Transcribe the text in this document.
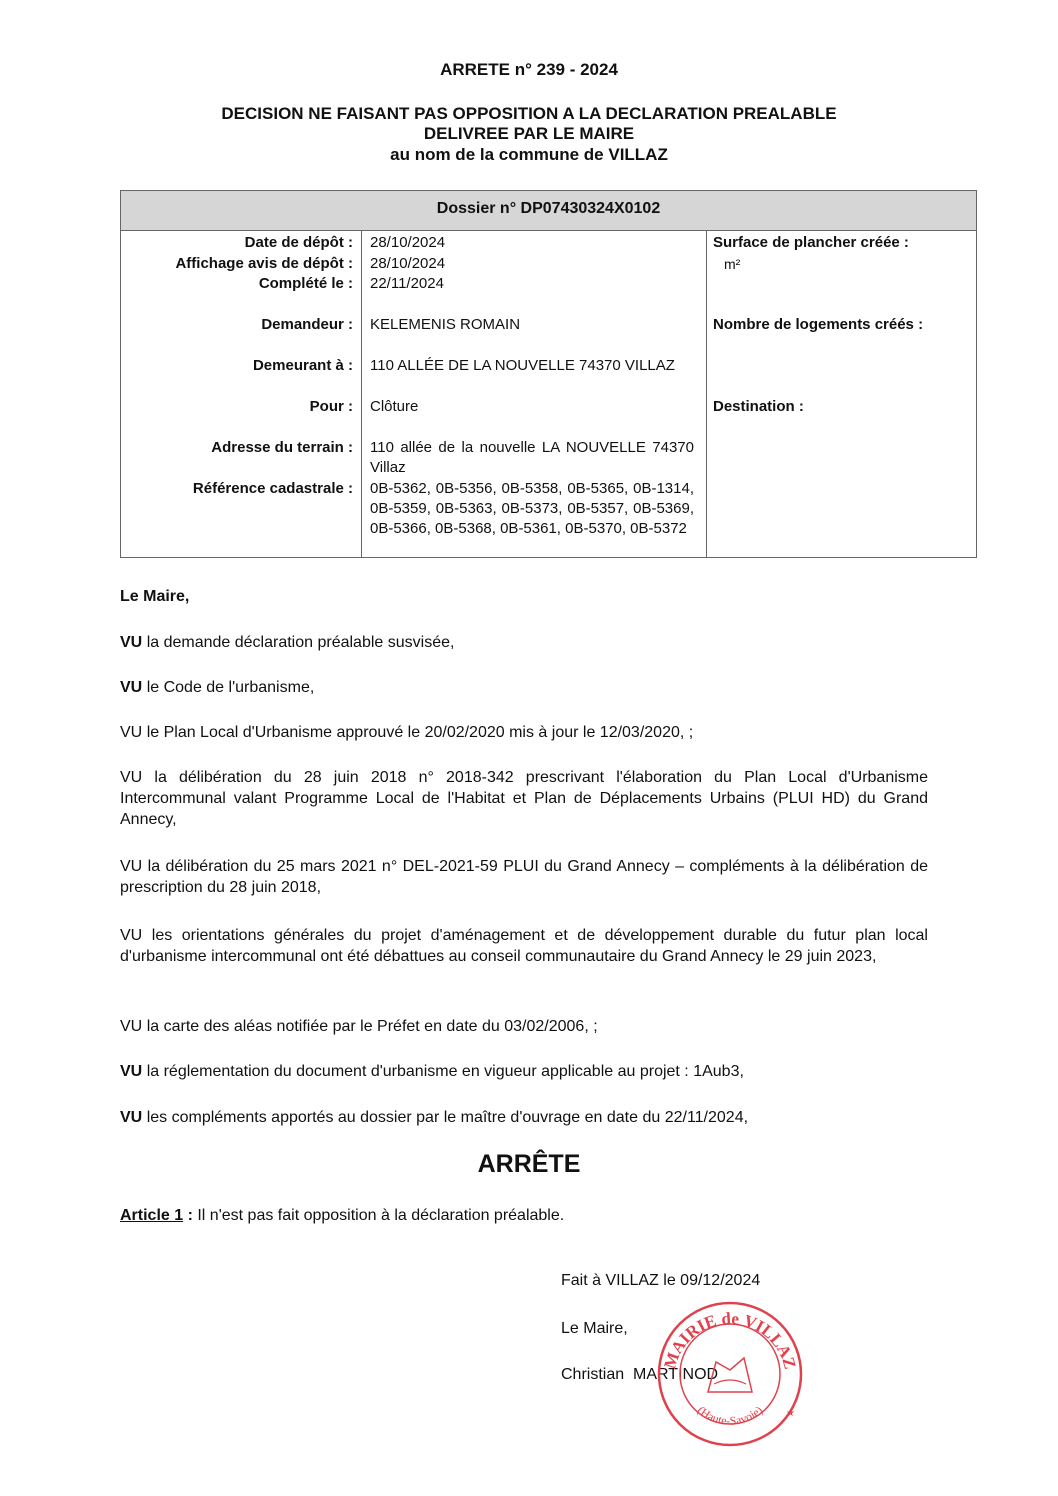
ARRETE n° 239 - 2024
DECISION NE FAISANT PAS OPPOSITION A LA DECLARATION PREALABLE
DELIVREE PAR LE MAIRE
au nom de la commune de VILLAZ
Dossier n° DP07430324X0102
Date de dépôt :
Affichage avis de dépôt :
Complété le :
Demandeur :
Demeurant à :
Pour :
Adresse du terrain :
Référence cadastrale :
28/10/2024
28/10/2024
22/11/2024
KELEMENIS ROMAIN
110 ALLÉE DE LA NOUVELLE 74370 VILLAZ
Clôture
110 allée de la nouvelle LA NOUVELLE 74370 Villaz
0B-5362, 0B-5356, 0B-5358, 0B-5365, 0B-1314, 0B-5359, 0B-5363, 0B-5373, 0B-5357, 0B-5369, 0B-5366, 0B-5368, 0B-5361, 0B-5370, 0B-5372
Surface de plancher créée :
m²
Nombre de logements créés :
Destination :
Le Maire,
VU la demande déclaration préalable susvisée,
VU le Code de l'urbanisme,
VU le Plan Local d'Urbanisme approuvé le 20/02/2020 mis à jour le 12/03/2020, ;
VU la délibération du 28 juin 2018 n° 2018-342 prescrivant l'élaboration du Plan Local d'Urbanisme Intercommunal valant Programme Local de l'Habitat et Plan de Déplacements Urbains (PLUI HD) du Grand Annecy,
VU la délibération du 25 mars 2021 n° DEL-2021-59 PLUI du Grand Annecy – compléments à la délibération de prescription du 28 juin 2018,
VU les orientations générales du projet d'aménagement et de développement durable du futur plan local d'urbanisme intercommunal ont été débattues au conseil communautaire du Grand Annecy le 29 juin 2023,
VU la carte des aléas notifiée par le Préfet en date du 03/02/2006, ;
VU la réglementation du document d'urbanisme en vigueur applicable au projet : 1Aub3,
VU les compléments apportés au dossier par le maître d'ouvrage en date du 22/11/2024,
ARRÊTE
Article 1 : Il n'est pas fait opposition à la déclaration préalable.
Fait à VILLAZ le 09/12/2024
Le Maire,
Christian  MARTINOD
MAIRIE de VILLAZ
(Haute-Savoie) ★
